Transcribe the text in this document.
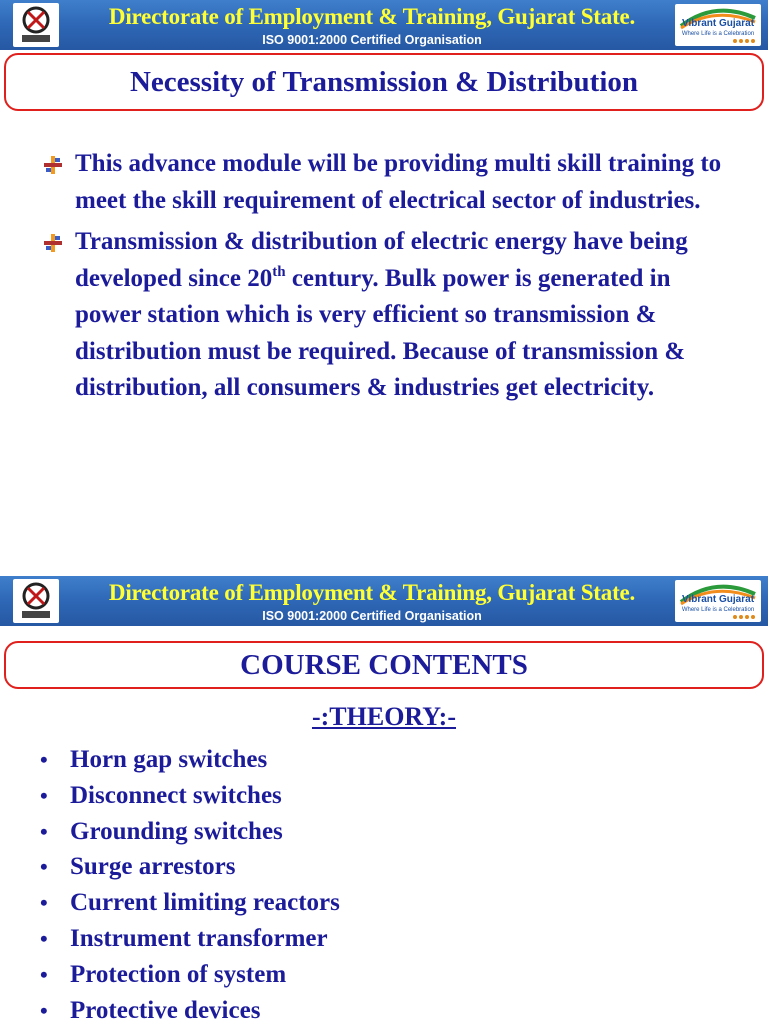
Directorate of Employment & Training, Gujarat State.
ISO 9001:2000 Certified Organisation
Vibrant Gujarat
Where Life is a Celebration
Necessity of Transmission & Distribution

This advance module will be providing multi skill training to meet the skill requirement of electrical sector of industries.

Transmission & distribution of electric energy have being developed since 20th century. Bulk power is generated in power station which is very efficient so transmission & distribution must be required. Because of transmission & distribution, all consumers & industries get electricity.

Directorate of Employment & Training, Gujarat State.
ISO 9001:2000 Certified Organisation
Vibrant Gujarat
Where Life is a Celebration
COURSE CONTENTS
-:THEORY:-
• Horn gap switches
• Disconnect switches
• Grounding switches
• Surge arrestors
• Current limiting reactors
• Instrument transformer
• Protection of system
• Protective devices
